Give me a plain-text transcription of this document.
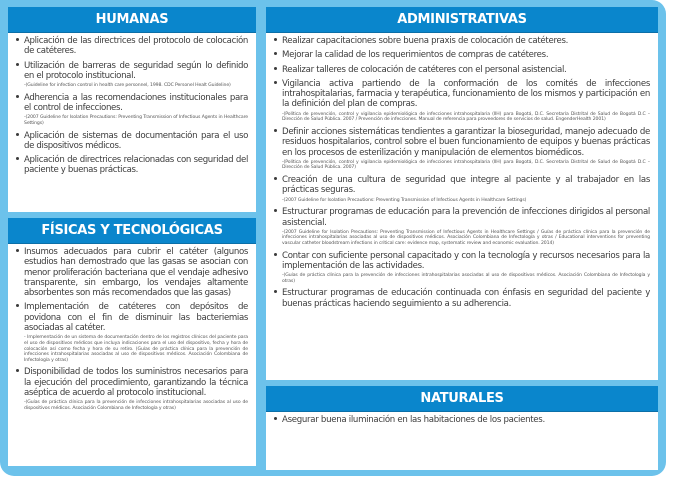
HUMANAS
Aplicación de las directrices del protocolo de colocación de catéteres.
Utilización de barreras de seguridad según lo definido en el protocolo institucional.
-(Guideline for infection control in health care personnel, 1998. CDC Personel Healt Guideline)
Adherencia a las recomendaciones institucionales para el control de infecciones.
-(2007 Guideline for Isolation Precautions: Preventing Transmission of Infectious Agents in Healthcare Settings)
Aplicación de sistemas de documentación para el uso de dispositivos médicos.
Aplicación de directrices relacionadas con seguridad del paciente y buenas prácticas.
FÍSICAS Y TECNOLÓGICAS
Insumos adecuados para cubrir el catéter (algunos estudios han demostrado que las gasas se asocian con menor proliferación bacteriana que el vendaje adhesivo transparente, sin embargo, los vendajes altamente absorbentes son más recomendados que las gasas)
Implementación de catéteres con depósitos de povidona con el fin de disminuir las bacteriemias asociadas al catéter.
- Implementación de un sistema de documentación dentro de los registros clínicos del paciente para el uso de dispositivos médicos que incluya indicaciones para el uso del dispositivo, fecha y hora de colocación así como fecha y hora de su retiro. (Guías de práctica clínica para la prevención de infecciones intrahospitalarias asociadas al uso de dispositivos médicos. Asociación Colombiana de Infectología y otras)
Disponibilidad de todos los suministros necesarios para la ejecución del procedimiento, garantizando la técnica aséptica de acuerdo al protocolo institucional.
-(Guías de práctica clínica para la prevención de infecciones intrahospitalarias asociadas al uso de dispositivos médicos. Asociación Colombiana de Infectología y otras)
ADMINISTRATIVAS
Realizar capacitaciones sobre buena praxis de colocación de catéteres.
Mejorar la calidad de los requerimientos de compras de catéteres.
Realizar talleres de colocación de catéteres con el personal asistencial.
Vigilancia activa partiendo de la conformación de los comités de infecciones intrahospitalarias, farmacia y terapéutica, funcionamiento de los mismos y participación en la definición del plan de compras.
-(Política de prevención, control y vigilancia epidemiológica de infecciones intrahospitalaria (IIH) para Bogotá, D.C. Secretaría Distrital de Salud de Bogotá D.C – Dirección de Salud Pública. 2007 / Prevención de infecciones. Manual de referencia para proveedores de servicios de salud. EngenderHealth 2001)
Definir acciones sistemáticas tendientes a garantizar la bioseguridad, manejo adecuado de residuos hospitalarios, control sobre el buen funcionamiento de equipos y buenas prácticas en los procesos de esterilización y manipulación de elementos biomédicos.
-(Política de prevención, control y vigilancia epidemiológica de infecciones intrahospitalaria (IIH) para Bogotá, D.C. Secretaría Distrital de Salud de Bogotá D.C – Dirección de Salud Pública. 2007)
Creación de una cultura de seguridad que integre al paciente y al trabajador en las prácticas seguras.
-(2007 Guideline for Isolation Precautions: Preventing Transmission of Infectious Agents in Healthcare Settings)
Estructurar programas de educación para la prevención de infecciones dirigidos al personal asistencial.
-(2007 Guideline for Isolation Precautions: Preventing Transmission of Infectious Agents in Healthcare Settings / Guías de práctica clínica para la prevención de infecciones intrahospitalarias asociadas al uso de dispositivos médicos. Asociación Colombiana de Infectología y otras / Educational interventions for preventing vascular catheter bloodstream infections in critical care: evidence map, systematic review and economic evaluation. 2014)
Contar con suficiente personal capacitado y con la tecnología y recursos necesarios para la implementación de las actividades.
-(Guías de práctica clínica para la prevención de infecciones intrahospitalarias asociadas al uso de dispositivos médicos. Asociación Colombiana de Infectología y otras)
Estructurar programas de educación continuada con énfasis en seguridad del paciente y buenas prácticas haciendo seguimiento a su adherencia.
NATURALES
Asegurar buena iluminación en las habitaciones de los pacientes.
